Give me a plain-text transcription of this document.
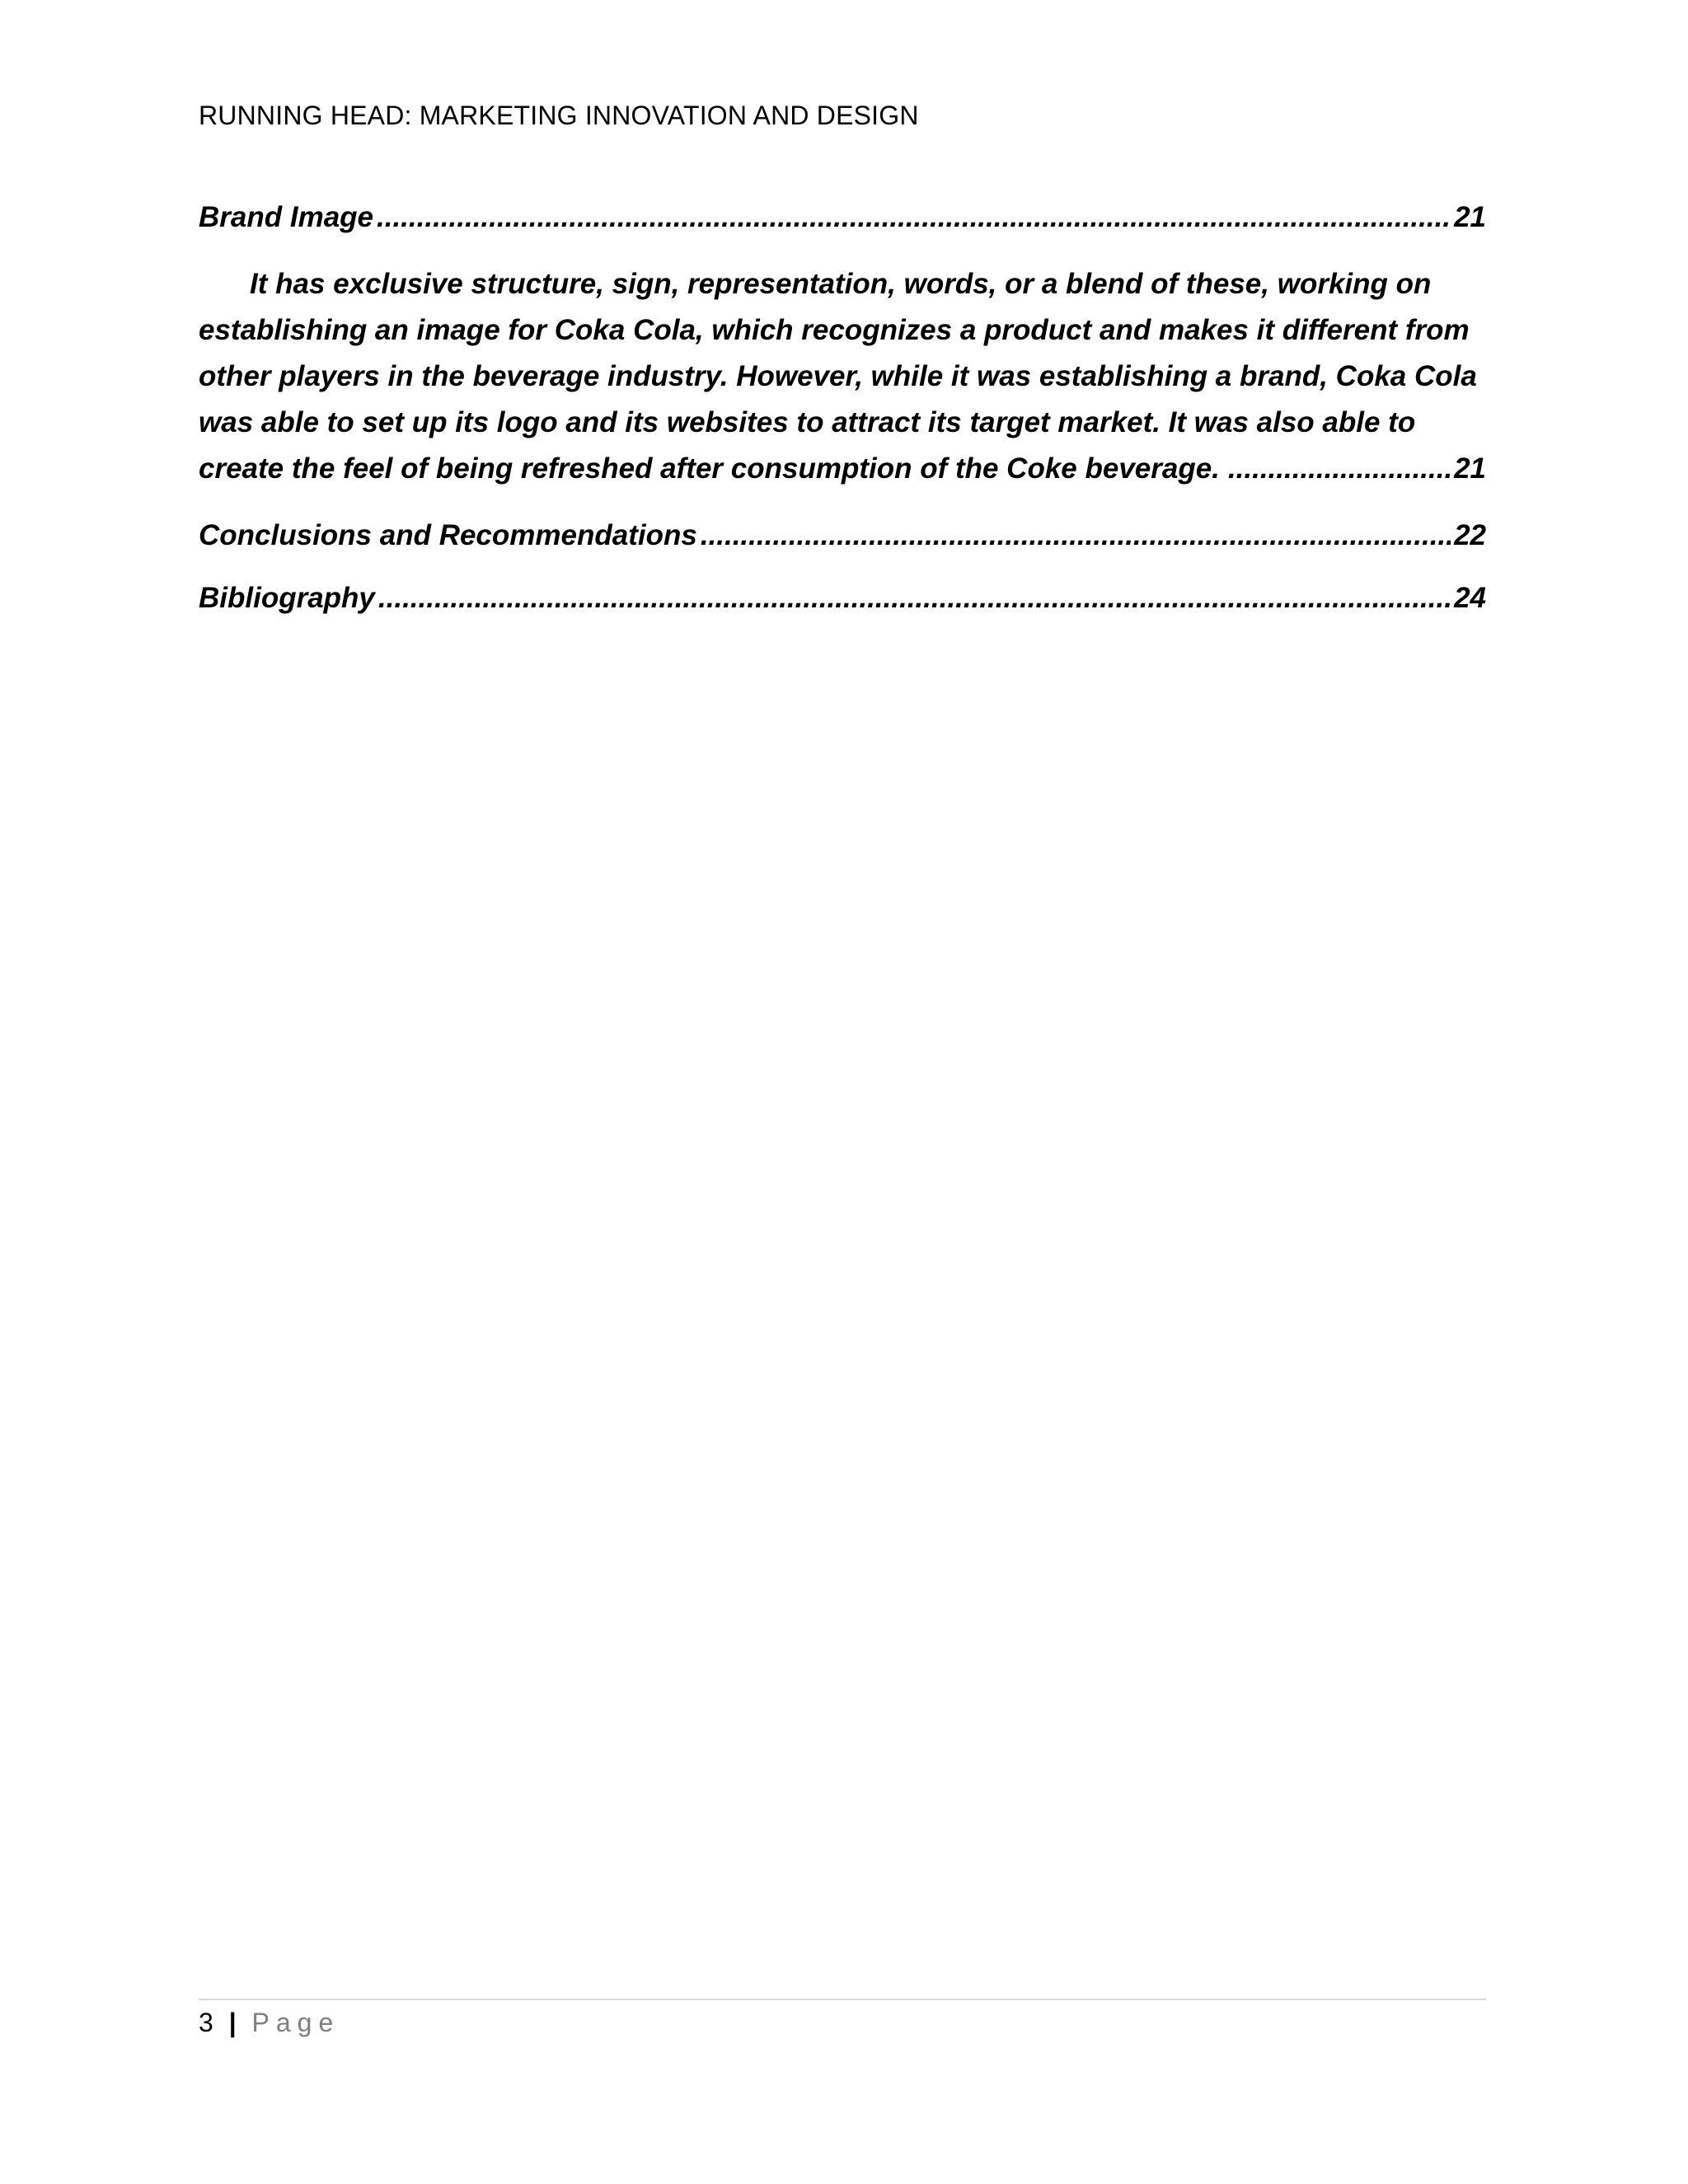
RUNNING HEAD: MARKETING INNOVATION AND DESIGN
Brand Image .....	21
It has exclusive structure, sign, representation, words, or a blend of these, working on establishing an image for Coka Cola, which recognizes a product and makes it different from other players in the beverage industry. However, while it was establishing a brand, Coka Cola was able to set up its logo and its websites to attract its target market. It was also able to
create the feel of being refreshed after consumption of the Coke beverage. .....	21
Conclusions and Recommendations .....	22
Bibliography .....	24
3 | Page
